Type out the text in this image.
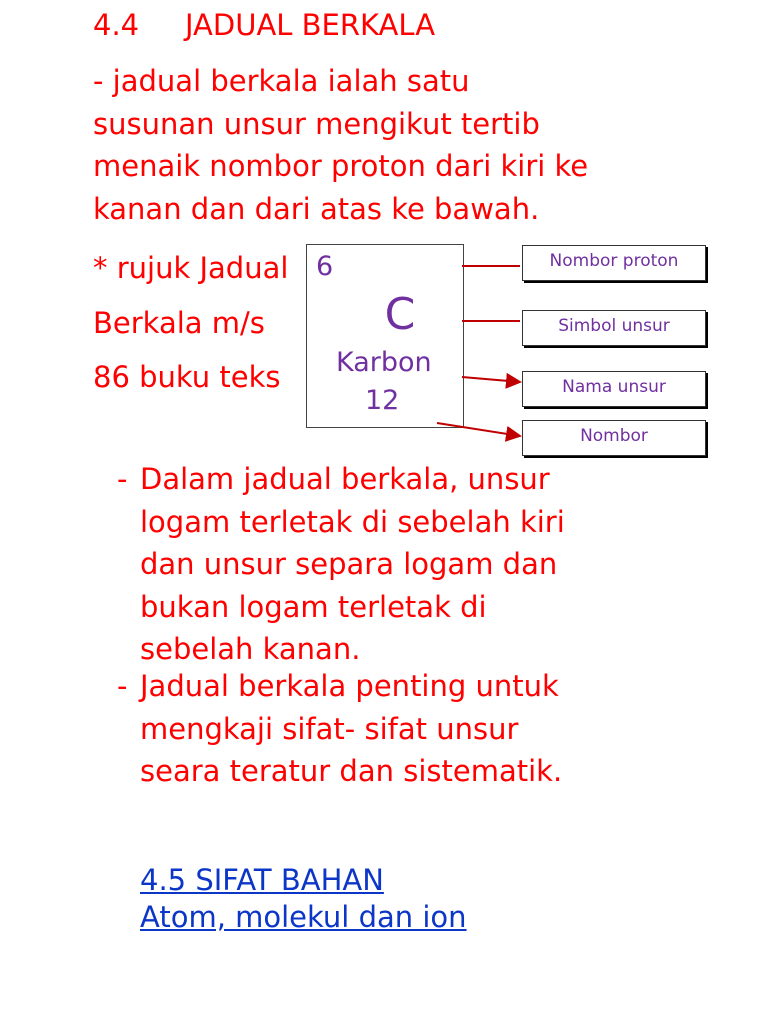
4.4 JADUAL BERKALA
- jadual berkala ialah satu
susunan unsur mengikut tertib
menaik nombor proton dari kiri ke
kanan dan dari atas ke bawah.
* rujuk Jadual
Berkala m/s
86 buku teks
6
C
Karbon
12
Nombor proton
Simbol unsur
Nama unsur
Nombor
- Dalam jadual berkala, unsur
logam terletak di sebelah kiri
dan unsur separa logam dan
bukan logam terletak di
sebelah kanan.
- Jadual berkala penting untuk
mengkaji sifat- sifat unsur
seara teratur dan sistematik.
4.5 SIFAT BAHAN
Atom, molekul dan ion
